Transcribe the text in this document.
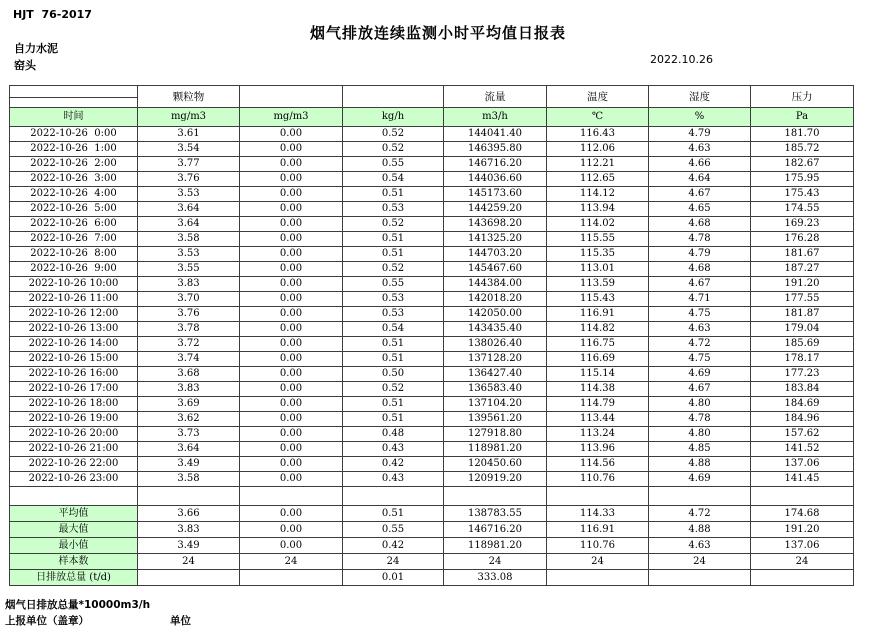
HJT  76-2017
烟气排放连续监测小时平均值日报表
自力水泥
窑头	2022.10.26
	颗粒物			流量	温度	湿度	压力
时间	mg/m3	mg/m3	kg/h	m3/h	℃	%	Pa
2022-10-26  0:00	3.61	0.00	0.52	144041.40	116.43	4.79	181.70
2022-10-26  1:00	3.54	0.00	0.52	146395.80	112.06	4.63	185.72
2022-10-26  2:00	3.77	0.00	0.55	146716.20	112.21	4.66	182.67
2022-10-26  3:00	3.76	0.00	0.54	144036.60	112.65	4.64	175.95
2022-10-26  4:00	3.53	0.00	0.51	145173.60	114.12	4.67	175.43
2022-10-26  5:00	3.64	0.00	0.53	144259.20	113.94	4.65	174.55
2022-10-26  6:00	3.64	0.00	0.52	143698.20	114.02	4.68	169.23
2022-10-26  7:00	3.58	0.00	0.51	141325.20	115.55	4.78	176.28
2022-10-26  8:00	3.53	0.00	0.51	144703.20	115.35	4.79	181.67
2022-10-26  9:00	3.55	0.00	0.52	145467.60	113.01	4.68	187.27
2022-10-26 10:00	3.83	0.00	0.55	144384.00	113.59	4.67	191.20
2022-10-26 11:00	3.70	0.00	0.53	142018.20	115.43	4.71	177.55
2022-10-26 12:00	3.76	0.00	0.53	142050.00	116.91	4.75	181.87
2022-10-26 13:00	3.78	0.00	0.54	143435.40	114.82	4.63	179.04
2022-10-26 14:00	3.72	0.00	0.51	138026.40	116.75	4.72	185.69
2022-10-26 15:00	3.74	0.00	0.51	137128.20	116.69	4.75	178.17
2022-10-26 16:00	3.68	0.00	0.50	136427.40	115.14	4.69	177.23
2022-10-26 17:00	3.83	0.00	0.52	136583.40	114.38	4.67	183.84
2022-10-26 18:00	3.69	0.00	0.51	137104.20	114.79	4.80	184.69
2022-10-26 19:00	3.62	0.00	0.51	139561.20	113.44	4.78	184.96
2022-10-26 20:00	3.73	0.00	0.48	127918.80	113.24	4.80	157.62
2022-10-26 21:00	3.64	0.00	0.43	118981.20	113.96	4.85	141.52
2022-10-26 22:00	3.49	0.00	0.42	120450.60	114.56	4.88	137.06
2022-10-26 23:00	3.58	0.00	0.43	120919.20	110.76	4.69	141.45

平均值	3.66	0.00	0.51	138783.55	114.33	4.72	174.68
最大值	3.83	0.00	0.55	146716.20	116.91	4.88	191.20
最小值	3.49	0.00	0.42	118981.20	110.76	4.63	137.06
样本数	24	24	24	24	24	24	24
日排放总量 (t/d)			0.01	333.08			
烟气日排放总量*10000m3/h
上报单位（盖章）	单位
